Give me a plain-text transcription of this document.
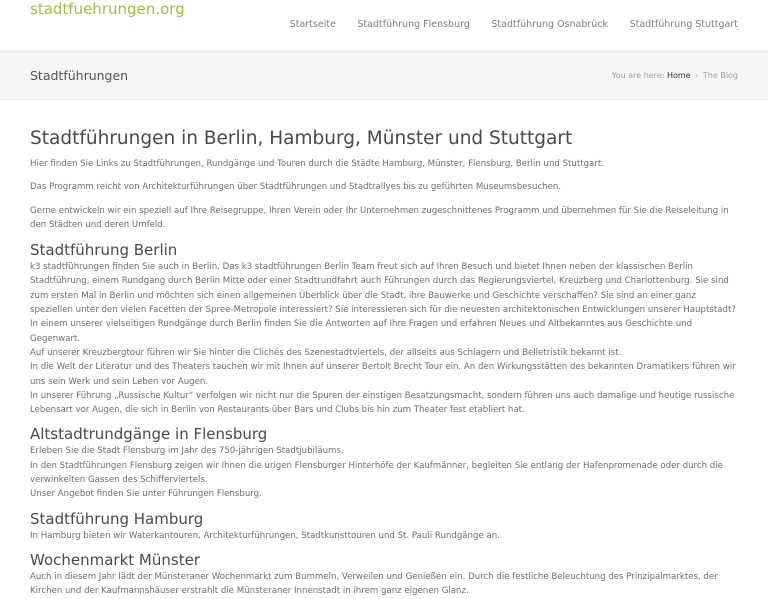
stadtfuehrungen.org
Startseite Stadtführung Flensburg Stadtführung Osnabrück Stadtführung Stuttgart
Stadtführungen	You are here: Home › The Blog
Stadtführungen in Berlin, Hamburg, Münster und Stuttgart

Hier finden Sie Links zu Stadtführungen, Rundgänge und Touren durch die Städte Hamburg, Münster, Flensburg, Berlin und Stuttgart.

Das Programm reicht von Architekturführungen über Stadtführungen und Stadtrallyes bis zu geführten Museumsbesuchen.

Gerne entwickeln wir ein speziell auf Ihre Reisegruppe, Ihren Verein oder Ihr Unternehmen zugeschnittenes Programm und übernehmen für Sie die Reiseleitung in den Städten und deren Umfeld.

Stadtführung Berlin
k3 stadtführungen finden Sie auch in Berlin. Das k3 stadtführungen Berlin Team freut sich auf Ihren Besuch und bietet Ihnen neben der klassischen Berlin Stadtführung, einem Rundgang durch Berlin Mitte oder einer Stadtrundfahrt auch Führungen durch das Regierungsviertel, Kreuzberg und Charlottenburg. Sie sind zum ersten Mal in Berlin und möchten sich einen allgemeinen Überblick über die Stadt, ihre Bauwerke und Geschichte verschaffen? Sie sind an einer ganz speziellen unter den vielen Facetten der Spree-Metropole interessiert? Sie interessieren sich für die neuesten architektonischen Entwicklungen unserer Hauptstadt?
In einem unserer vielseitigen Rundgänge durch Berlin finden Sie die Antworten auf Ihre Fragen und erfahren Neues und Altbekanntes aus Geschichte und Gegenwart.
Auf unserer Kreuzbergtour führen wir Sie hinter die Clichés des Szenestadtviertels, der allseits aus Schlagern und Belletristik bekannt ist.
In die Welt der Literatur und des Theaters tauchen wir mit Ihnen auf unserer Bertolt Brecht Tour ein. An den Wirkungsstätten des bekannten Dramatikers führen wir uns sein Werk und sein Leben vor Augen.
In unserer Führung „Russische Kultur“ verfolgen wir nicht nur die Spuren der einstigen Besatzungsmacht, sondern führen uns auch damalige und heutige russische Lebensart vor Augen, die sich in Berlin von Restaurants über Bars und Clubs bis hin zum Theater fest etabliert hat.
Altstadtrundgänge in Flensburg
Erleben Sie die Stadt Flensburg im Jahr des 750-jährigen Stadtjubiläums.
In den Stadtführungen Flensburg zeigen wir Ihnen die urigen Flensburger Hinterhöfe der Kaufmänner, begleiten Sie entlang der Hafenpromenade oder durch die verwinkelten Gassen des Schifferviertels.
Unser Angebot finden Sie unter Führungen Flensburg.
Stadtführung Hamburg
In Hamburg bieten wir Waterkantouren, Architekturführungen, Stadtkunsttouren und St. Pauli Rundgänge an.
Wochenmarkt Münster
Auch in diesem Jahr lädt der Münsteraner Wochenmarkt zum Bummeln, Verweilen und Genießen ein. Durch die festliche Beleuchtung des Prinzipalmarktes, der Kirchen und der Kaufmannshäuser erstrahlt die Münsteraner Innenstadt in ihrem ganz eigenen Glanz.
